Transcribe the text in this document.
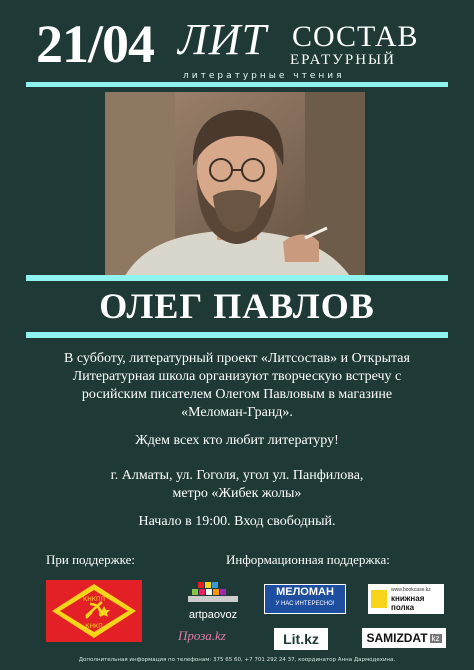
21/04 ЛИТ СОСТАВ
ЕРАТУРНЫЙ
литературные чтения
ОЛЕГ ПАВЛОВ
В субботу, литературный проект «Литсостав» и Открытая
Литературная школа организуют творческую встречу с
росийским писателем Олегом Павловым в магазине
«Меломан-Гранд».
Ждем всех кто любит литературу!
г. Алматы, ул. Гоголя, угол ул. Панфилова,
метро «Жибек жолы»
Начало в 19:00. Вход свободный.
При поддержке:	Информационная поддержка:
КНКПП
КНКП
artpaovoz
Проза.kz
МЕЛОМАН
У НАС ИНТЕРЕСНО!
www.bookcase.kz
книжная полка
Lit.kz	SAMIZDAT kz
Дополнительная информация по телефонам: 375 65 60, +7 701 292 24 37, координатор Анна Дармодехина.
